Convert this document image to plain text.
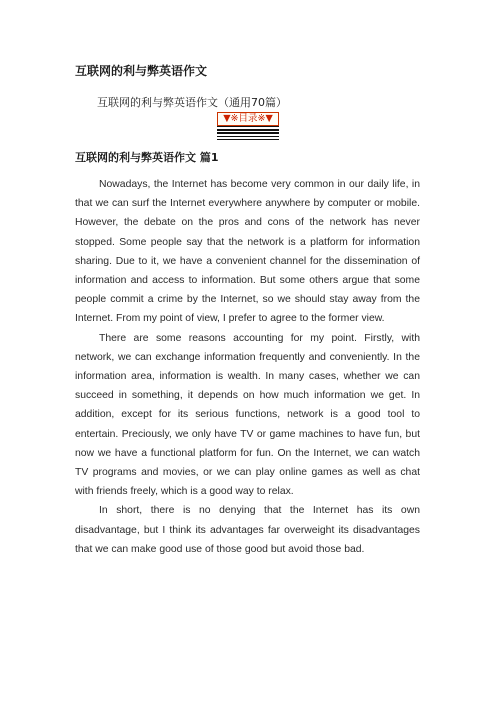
互联网的利与弊英语作文
互联网的利与弊英语作文（通用70篇）
▼※目录※▼
互联网的利与弊英语作文 篇1

Nowadays, the Internet has become very common in our daily life, in that we can surf the Internet everywhere anywhere by computer or mobile. However, the debate on the pros and cons of the network has never stopped. Some people say that the network is a platform for information sharing. Due to it, we have a convenient channel for the dissemination of information and access to information. But some others argue that some people commit a crime by the Internet, so we should stay away from the Internet. From my point of view, I prefer to agree to the former view.

There are some reasons accounting for my point. Firstly, with network, we can exchange information frequently and conveniently. In the information area, information is wealth. In many cases, whether we can succeed in something, it depends on how much information we get. In addition, except for its serious functions, network is a good tool to entertain. Preciously, we only have TV or game machines to have fun, but now we have a functional platform for fun. On the Internet, we can watch TV programs and movies, or we can play online games as well as chat with friends freely, which is a good way to relax.

In short, there is no denying that the Internet has its own disadvantage, but I think its advantages far overweight its disadvantages that we can make good use of those good but avoid those bad.
